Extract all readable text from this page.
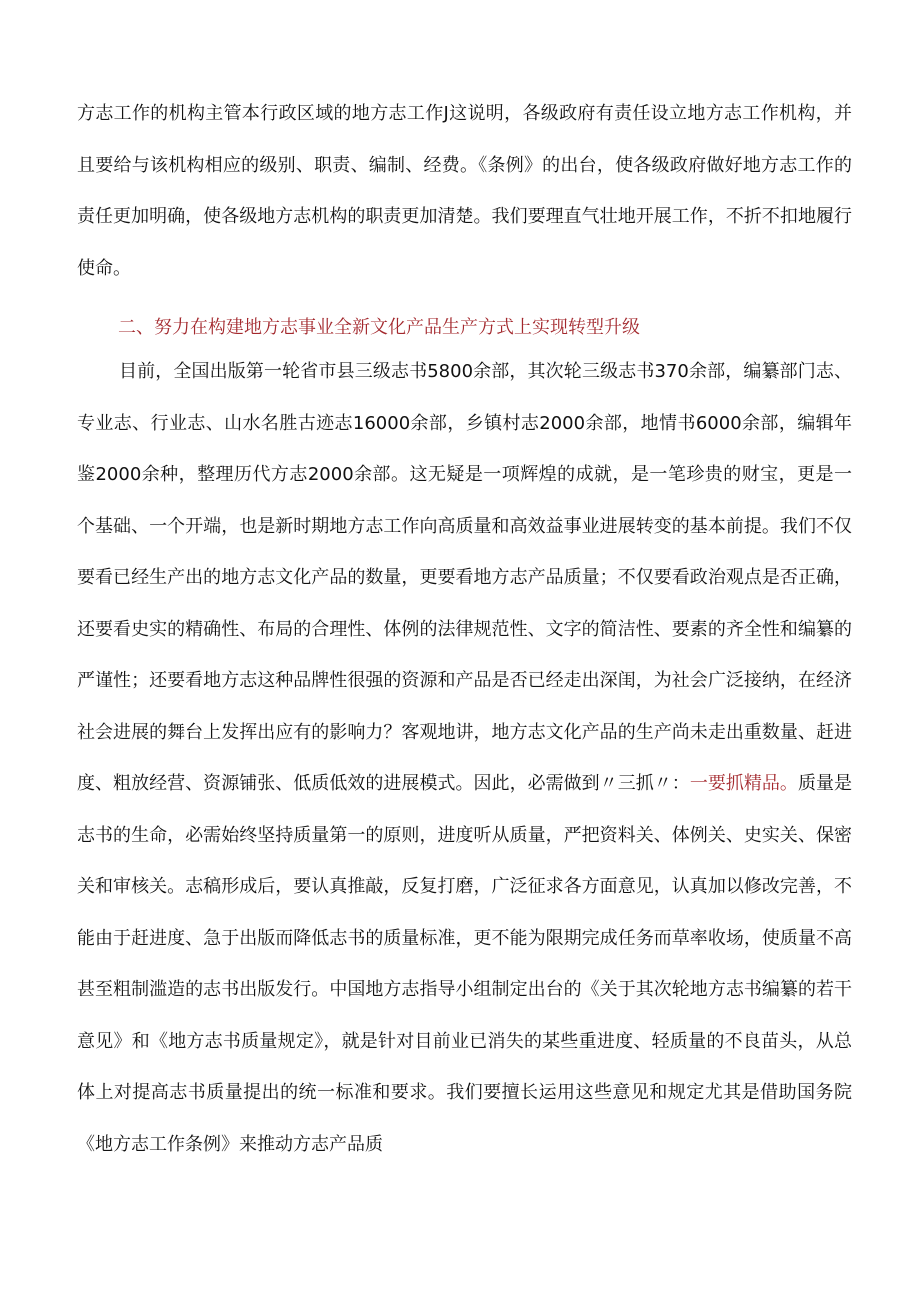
方志工作的机构主管本行政区域的地方志工作J这说明，各级政府有责任设立地方志工作机构，并且要给与该机构相应的级别、职责、编制、经费。《条例》的出台，使各级政府做好地方志工作的责任更加明确，使各级地方志机构的职责更加清楚。我们要理直气壮地开展工作，不折不扣地履行使命。

二、努力在构建地方志事业全新文化产品生产方式上实现转型升级

目前，全国出版第一轮省市县三级志书5800余部，其次轮三级志书370余部，编纂部门志、专业志、行业志、山水名胜古迹志16000余部，乡镇村志2000余部，地情书6000余部，编辑年鉴2000余种，整理历代方志2000余部。这无疑是一项辉煌的成就，是一笔珍贵的财宝，更是一个基础、一个开端，也是新时期地方志工作向高质量和高效益事业进展转变的基本前提。我们不仅要看已经生产出的地方志文化产品的数量，更要看地方志产品质量；不仅要看政治观点是否正确，还要看史实的精确性、布局的合理性、体例的法律规范性、文字的简洁性、要素的齐全性和编纂的严谨性；还要看地方志这种品牌性很强的资源和产品是否已经走出深闺，为社会广泛接纳，在经济社会进展的舞台上发挥出应有的影响力？客观地讲，地方志文化产品的生产尚未走出重数量、赶进度、粗放经营、资源铺张、低质低效的进展模式。因此，必需做到〃三抓〃：一要抓精品。质量是志书的生命，必需始终坚持质量第一的原则，进度听从质量，严把资料关、体例关、史实关、保密关和审核关。志稿形成后，要认真推敲，反复打磨，广泛征求各方面意见，认真加以修改完善，不能由于赶进度、急于出版而降低志书的质量标准，更不能为限期完成任务而草率收场，使质量不高甚至粗制滥造的志书出版发行。中国地方志指导小组制定出台的《关于其次轮地方志书编纂的若干意见》和《地方志书质量规定》，就是针对目前业已消失的某些重进度、轻质量的不良苗头，从总体上对提高志书质量提出的统一标准和要求。我们要擅长运用这些意见和规定尤其是借助国务院《地方志工作条例》来推动方志产品质
